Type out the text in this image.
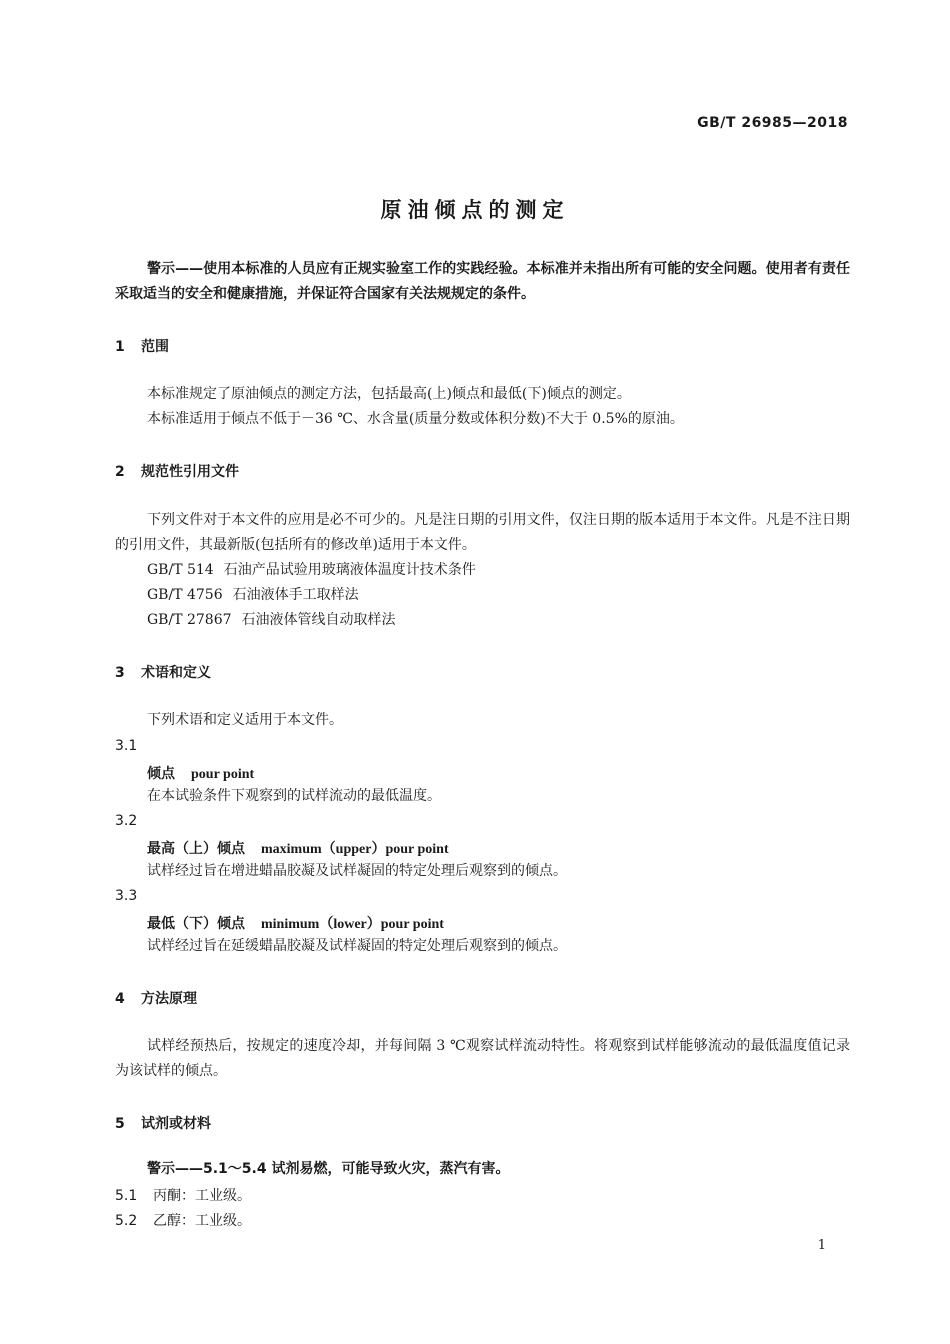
GB/T 26985—2018
原油倾点的测定
警示——使用本标准的人员应有正规实验室工作的实践经验。本标准并未指出所有可能的安全问题。使用者有责任采取适当的安全和健康措施，并保证符合国家有关法规规定的条件。
1 范围
本标准规定了原油倾点的测定方法，包括最高(上)倾点和最低(下)倾点的测定。
本标准适用于倾点不低于－36 ℃、水含量(质量分数或体积分数)不大于 0.5%的原油。
2 规范性引用文件
下列文件对于本文件的应用是必不可少的。凡是注日期的引用文件，仅注日期的版本适用于本文件。凡是不注日期的引用文件，其最新版(包括所有的修改单)适用于本文件。
GB/T 514 石油产品试验用玻璃液体温度计技术条件
GB/T 4756 石油液体手工取样法
GB/T 27867 石油液体管线自动取样法
3 术语和定义
下列术语和定义适用于本文件。
3.1
倾点 pour point
在本试验条件下观察到的试样流动的最低温度。
3.2
最高（上）倾点 maximum（upper）pour point
试样经过旨在增进蜡晶胶凝及试样凝固的特定处理后观察到的倾点。
3.3
最低（下）倾点 minimum（lower）pour point
试样经过旨在延缓蜡晶胶凝及试样凝固的特定处理后观察到的倾点。
4 方法原理
试样经预热后，按规定的速度冷却，并每间隔 3 ℃观察试样流动特性。将观察到试样能够流动的最低温度值记录为该试样的倾点。
5 试剂或材料
警示——5.1～5.4 试剂易燃，可能导致火灾，蒸汽有害。
5.1 丙酮：工业级。
5.2 乙醇：工业级。
1
